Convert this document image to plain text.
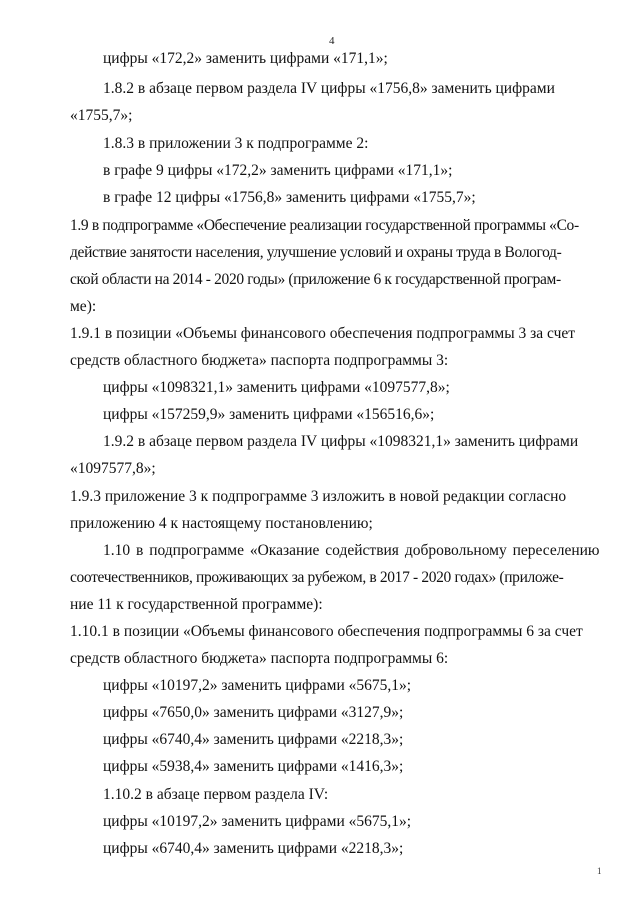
4
цифры «172,2» заменить цифрами «171,1»;
1.8.2 в абзаце первом раздела IV цифры «1756,8» заменить цифрами
«1755,7»;
1.8.3 в приложении 3 к подпрограмме 2:
в графе 9 цифры «172,2» заменить цифрами «171,1»;
в графе 12 цифры «1756,8» заменить цифрами «1755,7»;
1.9 в подпрограмме «Обеспечение реализации государственной программы «Со-
действие занятости населения, улучшение условий и охраны труда в Вологод-
ской области на 2014 - 2020 годы» (приложение 6 к государственной програм-
ме):
1.9.1 в позиции «Объемы финансового обеспечения подпрограммы 3 за счет
средств областного бюджета» паспорта подпрограммы 3:
цифры «1098321,1» заменить цифрами «1097577,8»;
цифры «157259,9» заменить цифрами «156516,6»;
1.9.2 в абзаце первом раздела IV цифры «1098321,1» заменить цифрами
«1097577,8»;
1.9.3 приложение 3 к подпрограмме 3 изложить в новой редакции согласно
приложению 4 к настоящему постановлению;
1.10 в подпрограмме «Оказание содействия добровольному переселению
соотечественников, проживающих за рубежом, в 2017 - 2020 годах» (приложе-
ние 11 к государственной программе):
1.10.1 в позиции «Объемы финансового обеспечения подпрограммы 6 за счет
средств областного бюджета» паспорта подпрограммы 6:
цифры «10197,2» заменить цифрами «5675,1»;
цифры «7650,0» заменить цифрами «3127,9»;
цифры «6740,4» заменить цифрами «2218,3»;
цифры «5938,4» заменить цифрами «1416,3»;
1.10.2 в абзаце первом раздела IV:
цифры «10197,2» заменить цифрами «5675,1»;
цифры «6740,4» заменить цифрами «2218,3»;
1
